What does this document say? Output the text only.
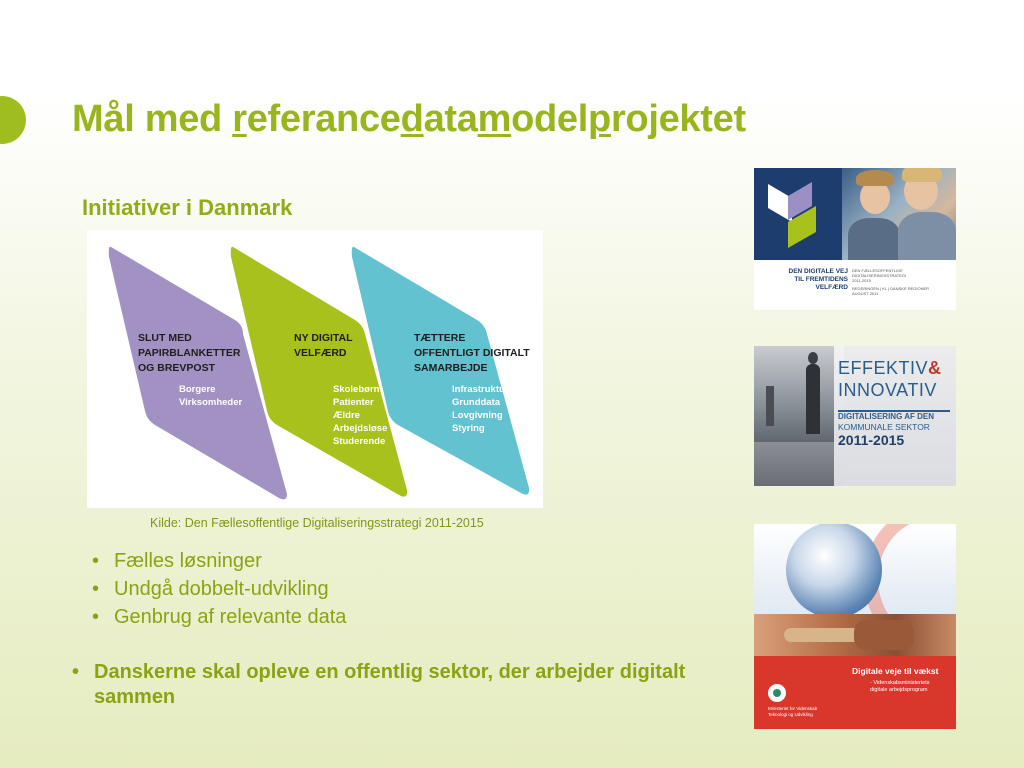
Mål med referancedatamodelprojektet
Initiativer i Danmark
SLUT MED
PAPIRBLANKETTER
OG BREVPOST
Borgere
Virksomheder
NY DIGITAL
VELFÆRD
Skolebørn
Patienter
Ældre
Arbejdsløse
Studerende
TÆTTERE
OFFENTLIGT DIGITALT
SAMARBEJDE
Infrastruktur
Grunddata
Lovgivning
Styring
Kilde: Den Fællesoffentlige Digitaliseringsstrategi 2011-2015
• Fælles løsninger
• Undgå dobbelt-udvikling
• Genbrug af relevante data
• Danskerne skal opleve en offentlig sektor, der arbejder digitalt sammen
DEN DIGITALE VEJ
TIL FREMTIDENS
VELFÆRD
DEN FÆLLESOFFENTLIGE
DIGITALISERINGSSTRATEGI
2011-2015
REGERINGEN | KL | DANSKE REGIONER
AUGUST 2011
EFFEKTIV&
INNOVATIV
DIGITALISERING AF DEN
KOMMUNALE SEKTOR
2011-2015
Digitale veje til vækst
- Videnskabsministeriets
digitale arbejdsprogram
Ministeriet for Videnskab
Teknologi og Udvikling
